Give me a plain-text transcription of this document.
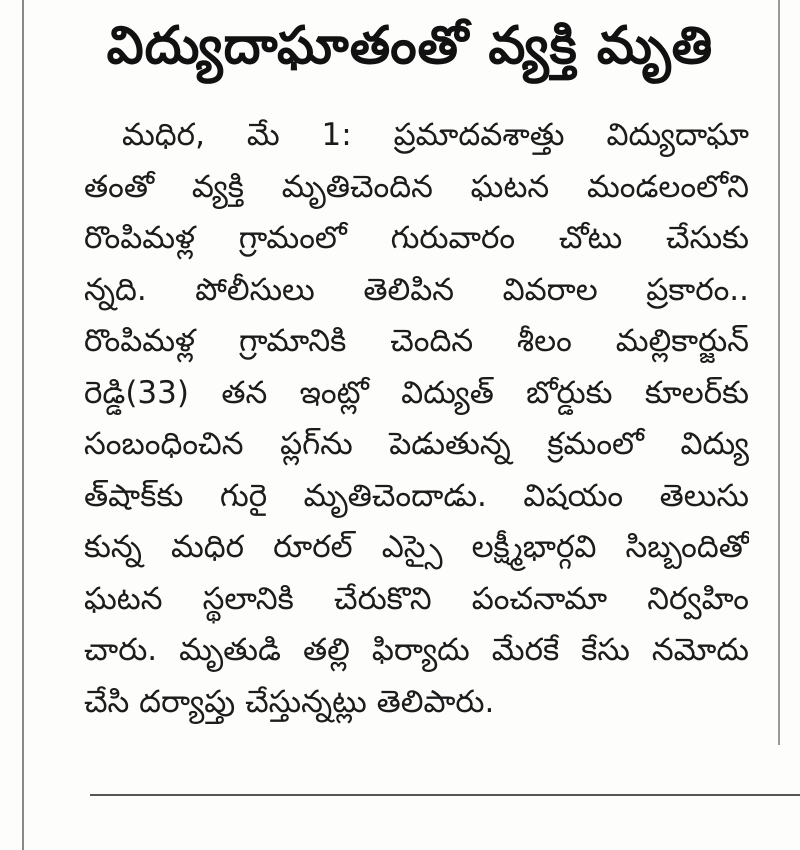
విద్యుదాఘాతంతో వ్యక్తి మృతి
మధిర, మే 1: ప్రమాదవశాత్తు విద్యుదాఘా
తంతో వ్యక్తి మృతిచెందిన ఘటన మండలంలోని
రొంపిమళ్ల గ్రామంలో గురువారం చోటు చేసుకు
న్నది. పోలీసులు తెలిపిన వివరాల ప్రకారం..
రొంపిమళ్ల గ్రామానికి చెందిన శీలం మల్లికార్జున్
రెడ్డి(33) తన ఇంట్లో విద్యుత్ బోర్డుకు కూలర్‌కు
సంబంధించిన ప్లగ్‌ను పెడుతున్న క్రమంలో విద్యు
త్‌షాక్‌కు గురై మృతిచెందాడు. విషయం తెలుసు
కున్న మధిర రూరల్ ఎస్సై లక్ష్మీభార్గవి సిబ్బందితో
ఘటన స్థలానికి చేరుకొని పంచనామా నిర్వహిం
చారు. మృతుడి తల్లి ఫిర్యాదు మేరకే కేసు నమోదు
చేసి దర్యాప్తు చేస్తున్నట్లు తెలిపారు.
